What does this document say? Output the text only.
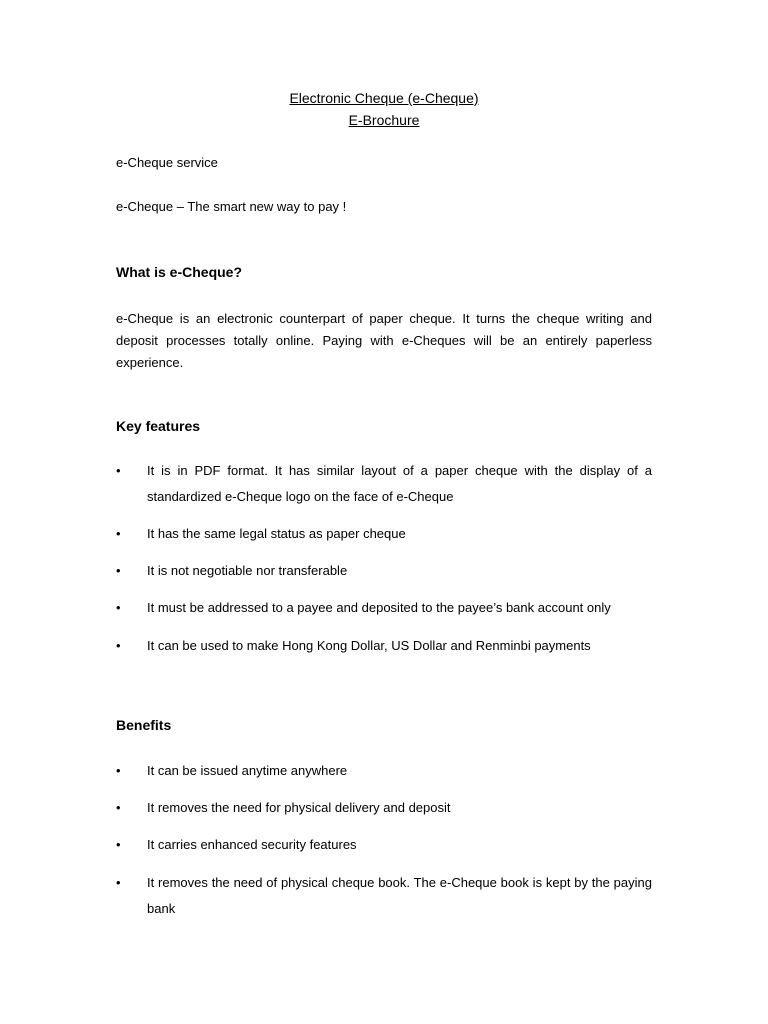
Electronic Cheque (e-Cheque)
E-Brochure
e-Cheque service
e-Cheque – The smart new way to pay !
What is e-Cheque?
e-Cheque is an electronic counterpart of paper cheque. It turns the cheque writing and deposit processes totally online. Paying with e-Cheques will be an entirely paperless experience.
Key features
•	It is in PDF format. It has similar layout of a paper cheque with the display of a standardized e-Cheque logo on the face of e-Cheque
•	It has the same legal status as paper cheque
•	It is not negotiable nor transferable
•	It must be addressed to a payee and deposited to the payee’s bank account only
•	It can be used to make Hong Kong Dollar, US Dollar and Renminbi payments
Benefits
•	It can be issued anytime anywhere
•	It removes the need for physical delivery and deposit
•	It carries enhanced security features
•	It removes the need of physical cheque book. The e-Cheque book is kept by the paying bank
